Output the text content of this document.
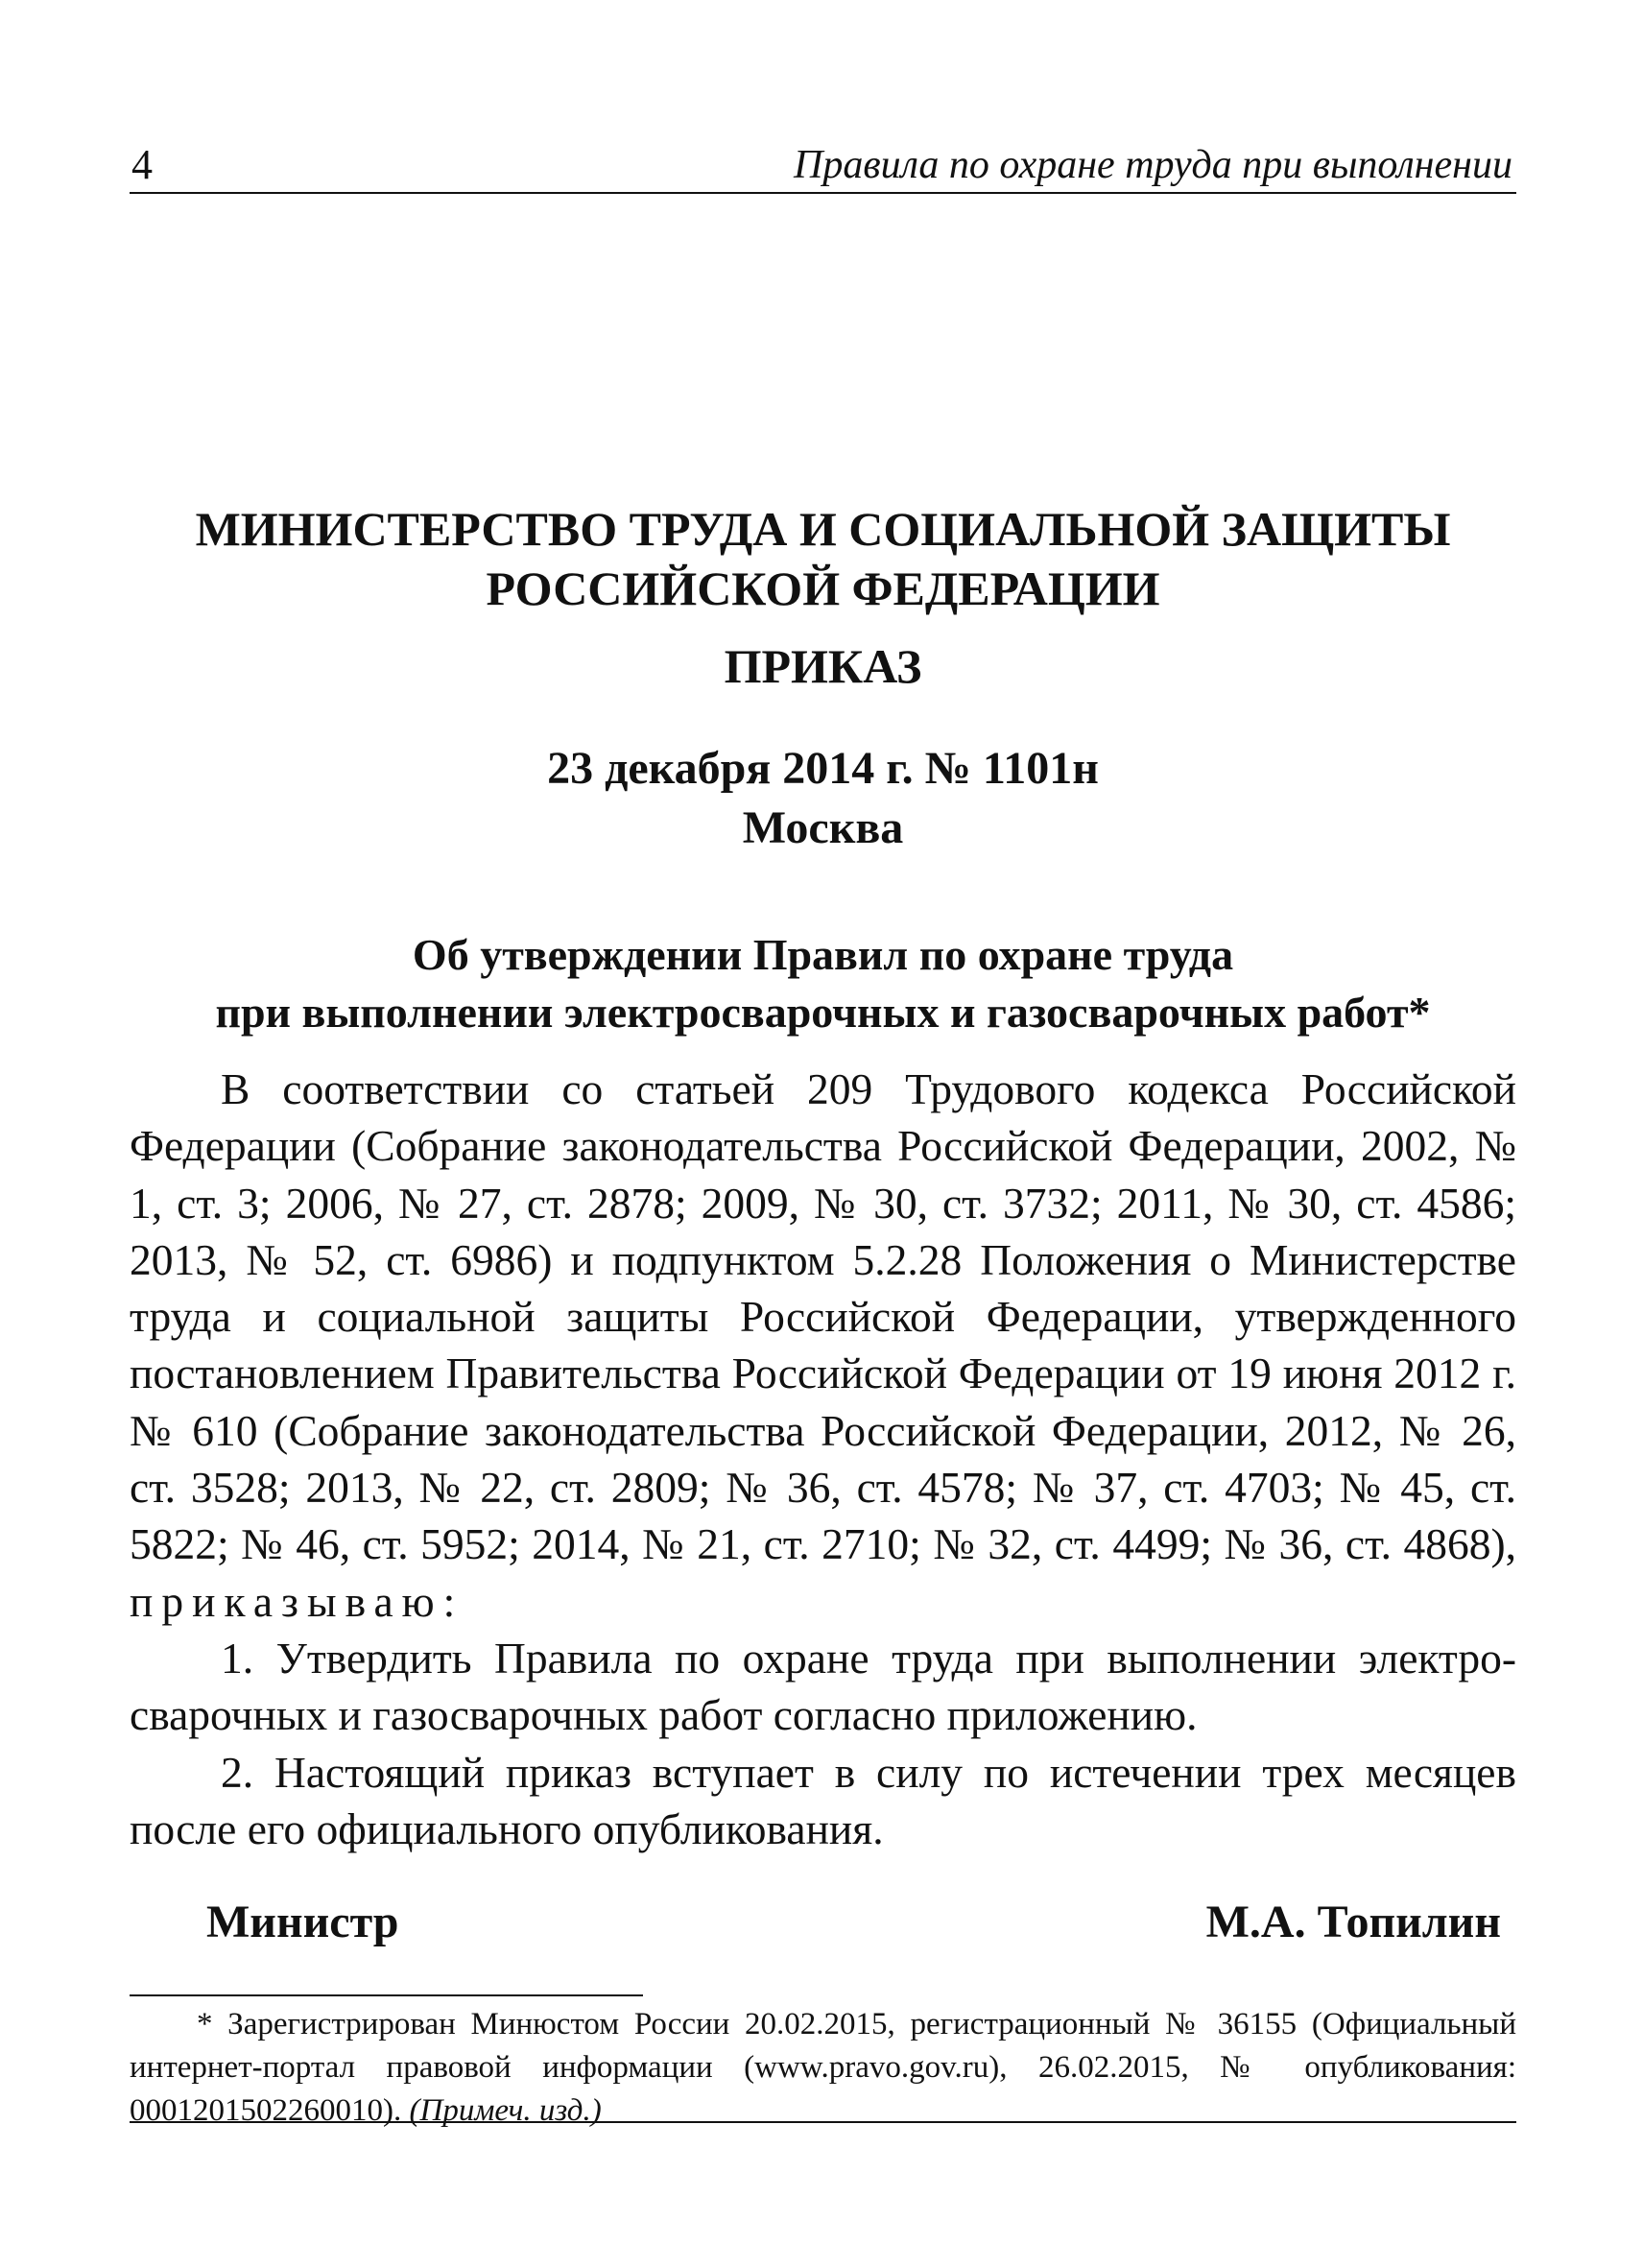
4	Правила по охране труда при выполнении
МИНИСТЕРСТВО ТРУДА И СОЦИАЛЬНОЙ ЗАЩИТЫ
РОССИЙСКОЙ ФЕДЕРАЦИИ
ПРИКАЗ
23 декабря 2014 г. № 1101н
Москва
Об утверждении Правил по охране труда
при выполнении электросварочных и газосварочных работ*

В соответствии со статьей 209 Трудового кодекса Российской Федерации (Собрание законодательства Российской Федерации, 2002, № 1, ст. 3; 2006, № 27, ст. 2878; 2009, № 30, ст. 3732; 2011, № 30, ст. 4586; 2013, № 52, ст. 6986) и подпунктом 5.2.28 Положения о Министерстве труда и социальной защиты Российской Федерации, утвержденного постановлением Правительства Российской Федерации от 19 июня 2012 г. № 610 (Собрание законодательства Российской Федерации, 2012, № 26, ст. 3528; 2013, № 22, ст. 2809; № 36, ст. 4578; № 37, ст. 4703; № 45, ст. 5822; № 46, ст. 5952; 2014, № 21, ст. 2710; № 32, ст. 4499; № 36, ст. 4868), приказываю:

1. Утвердить Правила по охране труда при выполнении электросварочных и газосварочных работ согласно приложению.

2. Настоящий приказ вступает в силу по истечении трех месяцев после его официального опубликования.

Министр	М.А. Топилин

* Зарегистрирован Минюстом России 20.02.2015, регистрационный № 36155 (Официальный интернет-портал правовой информации (www.pravo.gov.ru), 26.02.2015, № опубликования: 0001201502260010). (Примеч. изд.)
